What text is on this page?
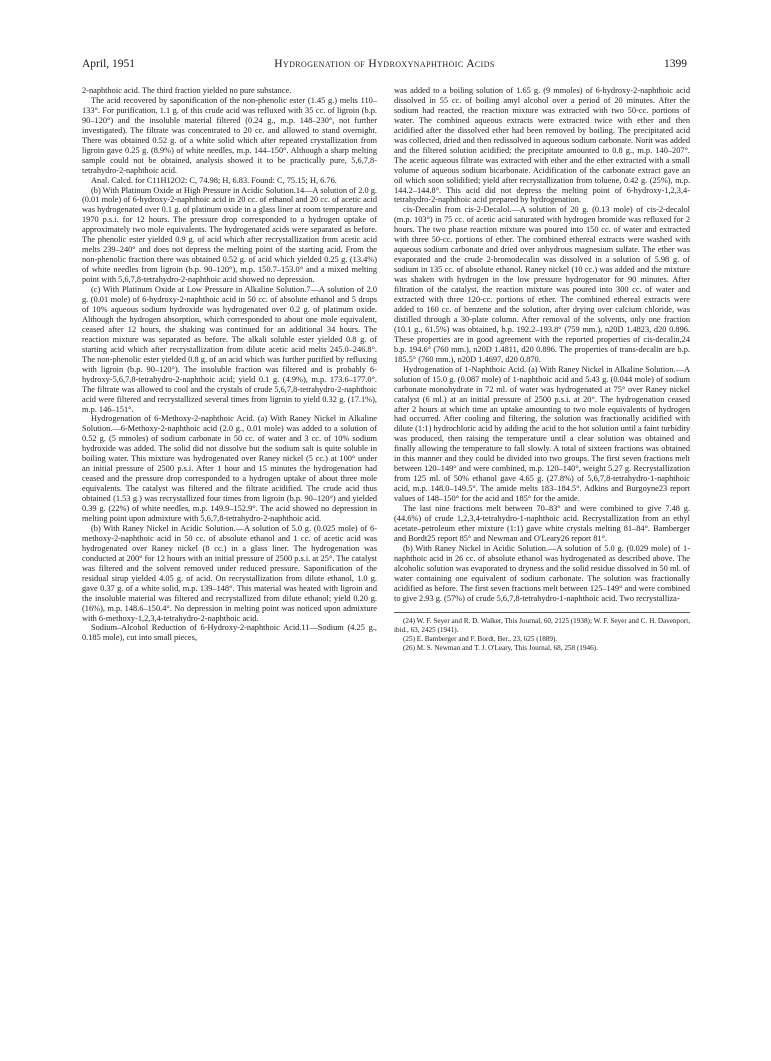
April, 1951	Hydrogenation of Hydroxynaphthoic Acids	1399

2-naphthoic acid. The third fraction yielded no pure substance.

The acid recovered by saponification of the non-phenolic ester (1.45 g.) melts 110–133°. For purification, 1.1 g. of this crude acid was refluxed with 35 cc. of ligroin (b.p. 90–120°) and the insoluble material filtered (0.24 g., m.p. 148–230°, not further investigated). The filtrate was concentrated to 20 cc. and allowed to stand overnight. There was obtained 0.52 g. of a white solid which after repeated crystallization from ligroin gave 0.25 g. (8.9%) of white needles, m.p. 144–150°. Although a sharp melting sample could not be obtained, analysis showed it to be practically pure, 5,6,7,8-tetrahydro-2-naphthoic acid.

Anal. Calcd. for C11H12O2: C, 74.98; H, 6.83. Found: C, 75.15; H, 6.76.

(b) With Platinum Oxide at High Pressure in Acidic Solution.14—A solution of 2.0 g. (0.01 mole) of 6-hydroxy-2-naphthoic acid in 20 cc. of ethanol and 20 cc. of acetic acid was hydrogenated over 0.1 g. of platinum oxide in a glass liner at room temperature and 1970 p.s.i. for 12 hours. The pressure drop corresponded to a hydrogen uptake of approximately two mole equivalents. The hydrogenated acids were separated as before. The phenolic ester yielded 0.9 g. of acid which after recrystallization from acetic acid melts 239–240° and does not depress the melting point of the starting acid. From the non-phenolic fraction there was obtained 0.52 g. of acid which yielded 0.25 g. (13.4%) of white needles from ligroin (b.p. 90–120°), m.p. 150.7–153.0° and a mixed melting point with 5,6,7,8-tetrahydro-2-naphthoic acid showed no depression.

(c) With Platinum Oxide at Low Pressure in Alkaline Solution.7—A solution of 2.0 g. (0.01 mole) of 6-hydroxy-2-naphthoic acid in 50 cc. of absolute ethanol and 5 drops of 10% aqueous sodium hydroxide was hydrogenated over 0.2 g. of platinum oxide. Although the hydrogen absorption, which corresponded to about one mole equivalent, ceased after 12 hours, the shaking was continued for an additional 34 hours. The reaction mixture was separated as before. The alkali soluble ester yielded 0.8 g. of starting acid which after recrystallization from dilute acetic acid melts 245.0–246.8°. The non-phenolic ester yielded 0.8 g. of an acid which was further purified by refluxing with ligroin (b.p. 90–120°). The insoluble fraction was filtered and is probably 6-hydroxy-5,6,7,8-tetrahydro-2-naphthoic acid; yield 0.1 g. (4.9%), m.p. 173.6–177.0°. The filtrate was allowed to cool and the crystals of crude 5,6,7,8-tetrahydro-2-naphthoic acid were filtered and recrystallized several times from ligroin to yield 0.32 g. (17.1%), m.p. 146–151°.

Hydrogenation of 6-Methoxy-2-naphthoic Acid. (a) With Raney Nickel in Alkaline Solution.—6-Methoxy-2-naphthoic acid (2.0 g., 0.01 mole) was added to a solution of 0.52 g. (5 mmoles) of sodium carbonate in 50 cc. of water and 3 cc. of 10% sodium hydroxide was added. The solid did not dissolve but the sodium salt is quite soluble in boiling water. This mixture was hydrogenated over Raney nickel (5 cc.) at 100° under an initial pressure of 2500 p.s.i. After 1 hour and 15 minutes the hydrogenation had ceased and the pressure drop corresponded to a hydrogen uptake of about three mole equivalents. The catalyst was filtered and the filtrate acidified. The crude acid thus obtained (1.53 g.) was recrystallized four times from ligroin (b.p. 90–120°) and yielded 0.39 g. (22%) of white needles, m.p. 149.9–152.9°. The acid showed no depression in melting point upon admixture with 5,6,7,8-tetrahydro-2-naphthoic acid.

(b) With Raney Nickel in Acidic Solution.—A solution of 5.0 g. (0.025 mole) of 6-methoxy-2-naphthoic acid in 50 cc. of absolute ethanol and 1 cc. of acetic acid was hydrogenated over Raney nickel (8 cc.) in a glass liner. The hydrogenation was conducted at 200° for 12 hours with an initial pressure of 2500 p.s.i. at 25°. The catalyst was filtered and the solvent removed under reduced pressure. Saponification of the residual sirup yielded 4.05 g. of acid. On recrystallization from dilute ethanol, 1.0 g. gave 0.37 g. of a white solid, m.p. 139–148°. This material was heated with ligroin and the insoluble material was filtered and recrystallized from dilute ethanol; yield 0.20 g. (16%), m.p. 148.6–150.4°. No depression in melting point was noticed upon admixture with 6-methoxy-1,2,3,4-tetrahydro-2-naphthoic acid.

Sodium–Alcohol Reduction of 6-Hydroxy-2-naphthoic Acid.11—Sodium (4.25 g., 0.185 mole), cut into small pieces,

was added to a boiling solution of 1.65 g. (9 mmoles) of 6-hydroxy-2-naphthoic acid dissolved in 55 cc. of boiling amyl alcohol over a period of 20 minutes. After the sodium had reacted, the reaction mixture was extracted with two 50-cc. portions of water. The combined aqueous extracts were extracted twice with ether and then acidified after the dissolved ether had been removed by boiling. The precipitated acid was collected, dried and then redissolved in aqueous sodium carbonate. Norit was added and the filtered solution acidified; the precipitate amounted to 0.8 g., m.p. 140–207°. The acetic aqueous filtrate was extracted with ether and the ether extracted with a small volume of aqueous sodium bicarbonate. Acidification of the carbonate extract gave an oil which soon solidified; yield after recrystallization from toluene, 0.42 g. (25%), m.p. 144.2–144.8°. This acid did not depress the melting point of 6-hydroxy-1,2,3,4-tetrahydro-2-naphthoic acid prepared by hydrogenation.

cis-Decalin from cis-2-Decalol.—A solution of 20 g. (0.13 mole) of cis-2-decalol (m.p. 103°) in 75 cc. of acetic acid saturated with hydrogen bromide was refluxed for 2 hours. The two phase reaction mixture was poured into 150 cc. of water and extracted with three 50-cc. portions of ether. The combined ethereal extracts were washed with aqueous sodium carbonate and dried over anhydrous magnesium sulfate. The ether was evaporated and the crude 2-bromodecalin was dissolved in a solution of 5.98 g. of sodium in 135 cc. of absolute ethanol. Raney nickel (10 cc.) was added and the mixture was shaken with hydrogen in the low pressure hydrogenator for 90 minutes. After filtration of the catalyst, the reaction mixture was poured into 300 cc. of water and extracted with three 120-cc. portions of ether. The combined ethereal extracts were added to 160 cc. of benzene and the solution, after drying over calcium chloride, was distilled through a 30-plate column. After removal of the solvents, only one fraction (10.1 g., 61.5%) was obtained, b.p. 192.2–193.8° (759 mm.), n20D 1.4823, d20 0.896. These properties are in good agreement with the reported properties of cis-decalin,24 b.p. 194.6° (760 mm.), n20D 1.4811, d20 0.896. The properties of trans-decalin are b.p. 185.5° (760 mm.), n20D 1.4697, d20 0.870.

Hydrogenation of 1-Naphthoic Acid. (a) With Raney Nickel in Alkaline Solution.—A solution of 15.0 g. (0.087 mole) of 1-naphthoic acid and 5.43 g. (0.044 mole) of sodium carbonate monohydrate in 72 ml. of water was hydrogenated at 75° over Raney nickel catalyst (6 ml.) at an initial pressure of 2500 p.s.i. at 20°. The hydrogenation ceased after 2 hours at which time an uptake amounting to two mole equivalents of hydrogen had occurred. After cooling and filtering, the solution was fractionally acidified with dilute (1:1) hydrochloric acid by adding the acid to the hot solution until a faint turbidity was produced, then raising the temperature until a clear solution was obtained and finally allowing the temperature to fall slowly. A total of sixteen fractions was obtained in this manner and they could be divided into two groups. The first seven fractions melt between 120–149° and were combined, m.p. 120–140°, weight 5.27 g. Recrystallization from 125 ml. of 50% ethanol gave 4.65 g. (27.8%) of 5,6,7,8-tetrahydro-1-naphthoic acid, m.p. 148.0–149.5°. The amide melts 183–184.5°. Adkins and Burgoyne23 report values of 148–150° for the acid and 185° for the amide.

The last nine fractions melt between 70–83° and were combined to give 7.48 g. (44.6%) of crude 1,2,3,4-tetrahydro-1-naphthoic acid. Recrystallization from an ethyl acetate–petroleum ether mixture (1:1) gave white crystals melting 81–84°. Bamberger and Bordt25 report 85° and Newman and O'Leary26 report 81°.

(b) With Raney Nickel in Acidic Solution.—A solution of 5.0 g. (0.029 mole) of 1-naphthoic acid in 26 cc. of absolute ethanol was hydrogenated as described above. The alcoholic solution was evaporated to dryness and the solid residue dissolved in 50 ml. of water containing one equivalent of sodium carbonate. The solution was fractionally acidified as before. The first seven fractions melt between 125–149° and were combined to give 2.93 g. (57%) of crude 5,6,7,8-tetrahydro-1-naphthoic acid. Two recrystalliza-

(24) W. F. Seyer and R. D. Walker, This Journal, 60, 2125 (1938); W. F. Seyer and C. H. Davenport, ibid., 63, 2425 (1941).

(25) E. Bamberger and F. Bordt, Ber., 23, 625 (1889).

(26) M. S. Newman and T. J. O'Leary, This Journal, 68, 258 (1946).
